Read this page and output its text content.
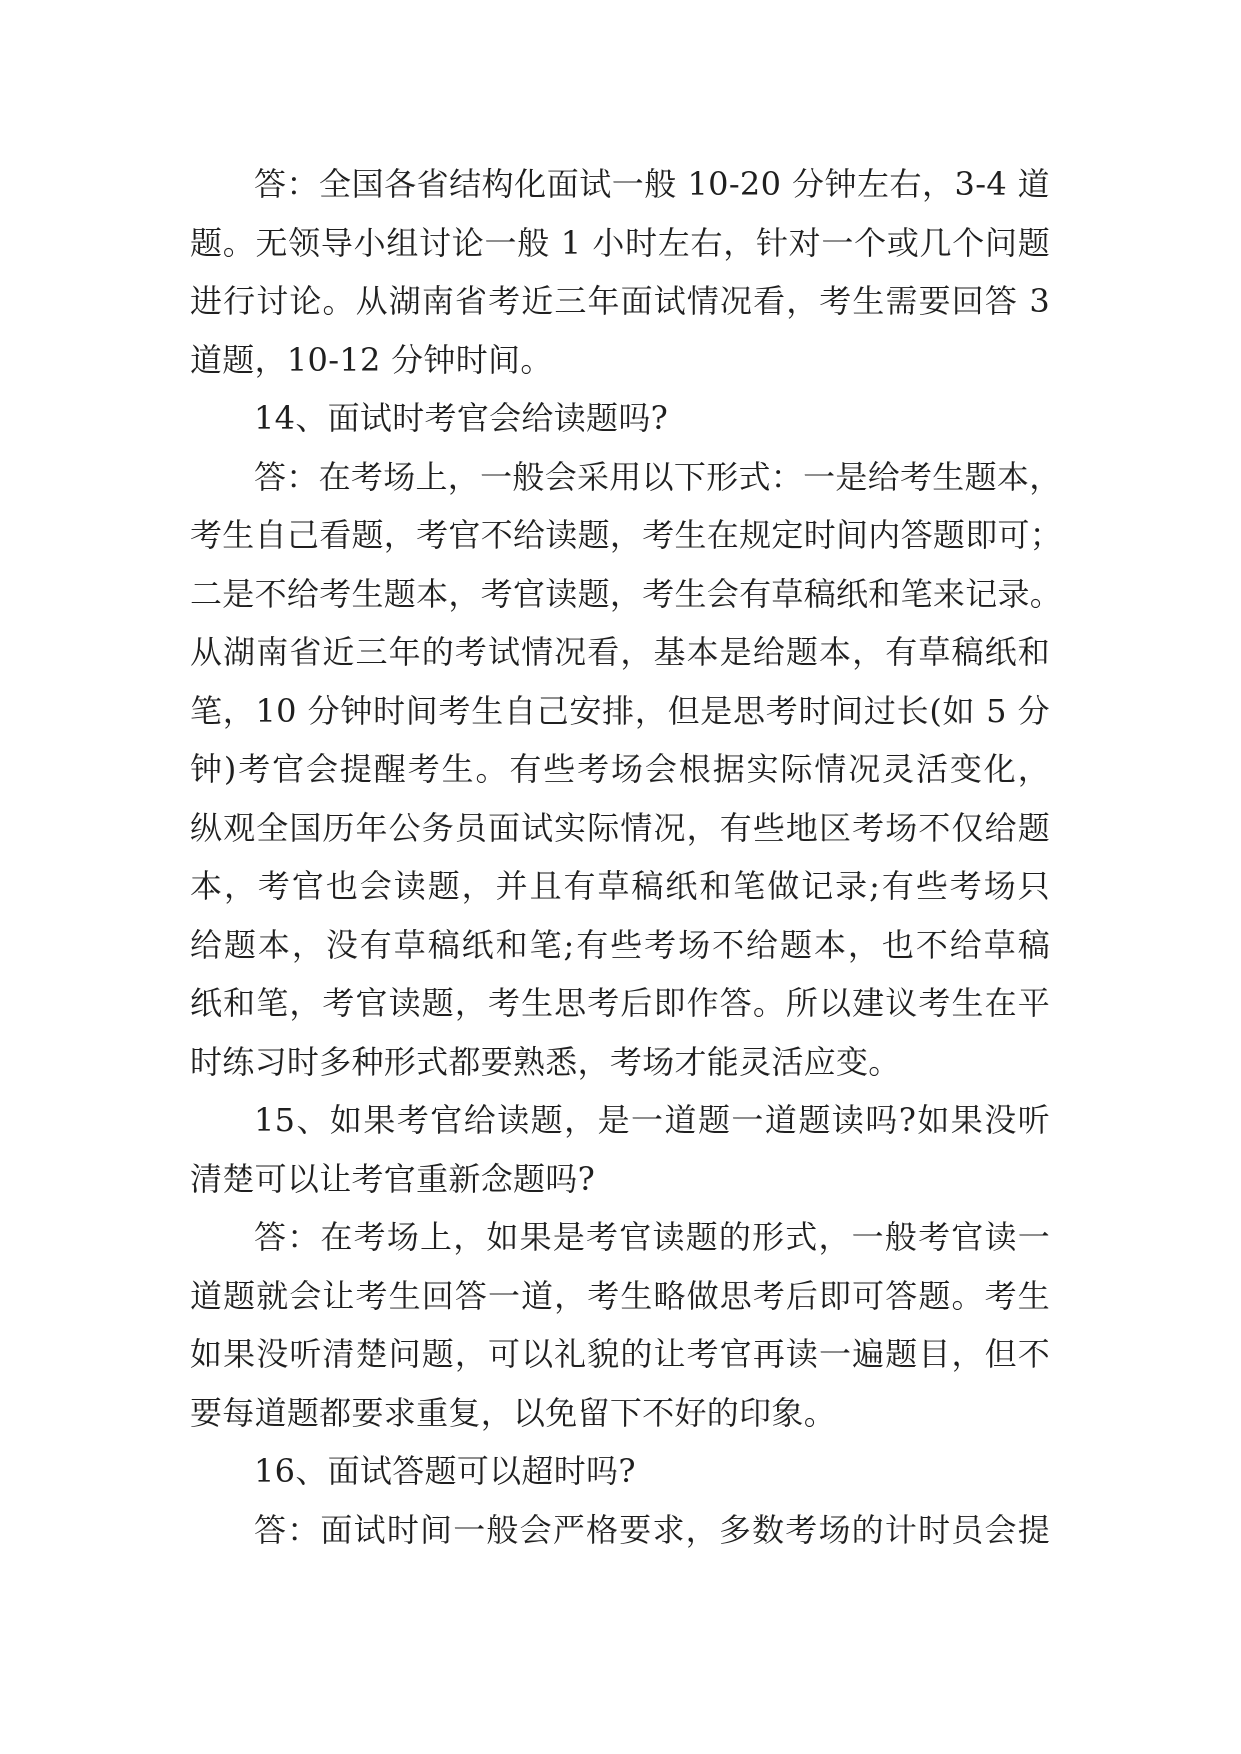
答：全国各省结构化面试一般 10-20 分钟左右，3-4 道
题。无领导小组讨论一般 1 小时左右，针对一个或几个问题
进行讨论。从湖南省考近三年面试情况看，考生需要回答 3
道题，10-12 分钟时间。
14、面试时考官会给读题吗?
答：在考场上，一般会采用以下形式：一是给考生题本，
考生自己看题，考官不给读题，考生在规定时间内答题即可；
二是不给考生题本，考官读题，考生会有草稿纸和笔来记录。
从湖南省近三年的考试情况看，基本是给题本，有草稿纸和
笔，10 分钟时间考生自己安排，但是思考时间过长(如 5 分
钟)考官会提醒考生。有些考场会根据实际情况灵活变化，
纵观全国历年公务员面试实际情况，有些地区考场不仅给题
本，考官也会读题，并且有草稿纸和笔做记录;有些考场只
给题本，没有草稿纸和笔;有些考场不给题本，也不给草稿
纸和笔，考官读题，考生思考后即作答。所以建议考生在平
时练习时多种形式都要熟悉，考场才能灵活应变。
15、如果考官给读题，是一道题一道题读吗?如果没听
清楚可以让考官重新念题吗?
答：在考场上，如果是考官读题的形式，一般考官读一
道题就会让考生回答一道，考生略做思考后即可答题。考生
如果没听清楚问题，可以礼貌的让考官再读一遍题目，但不
要每道题都要求重复，以免留下不好的印象。
16、面试答题可以超时吗?
答：面试时间一般会严格要求，多数考场的计时员会提
